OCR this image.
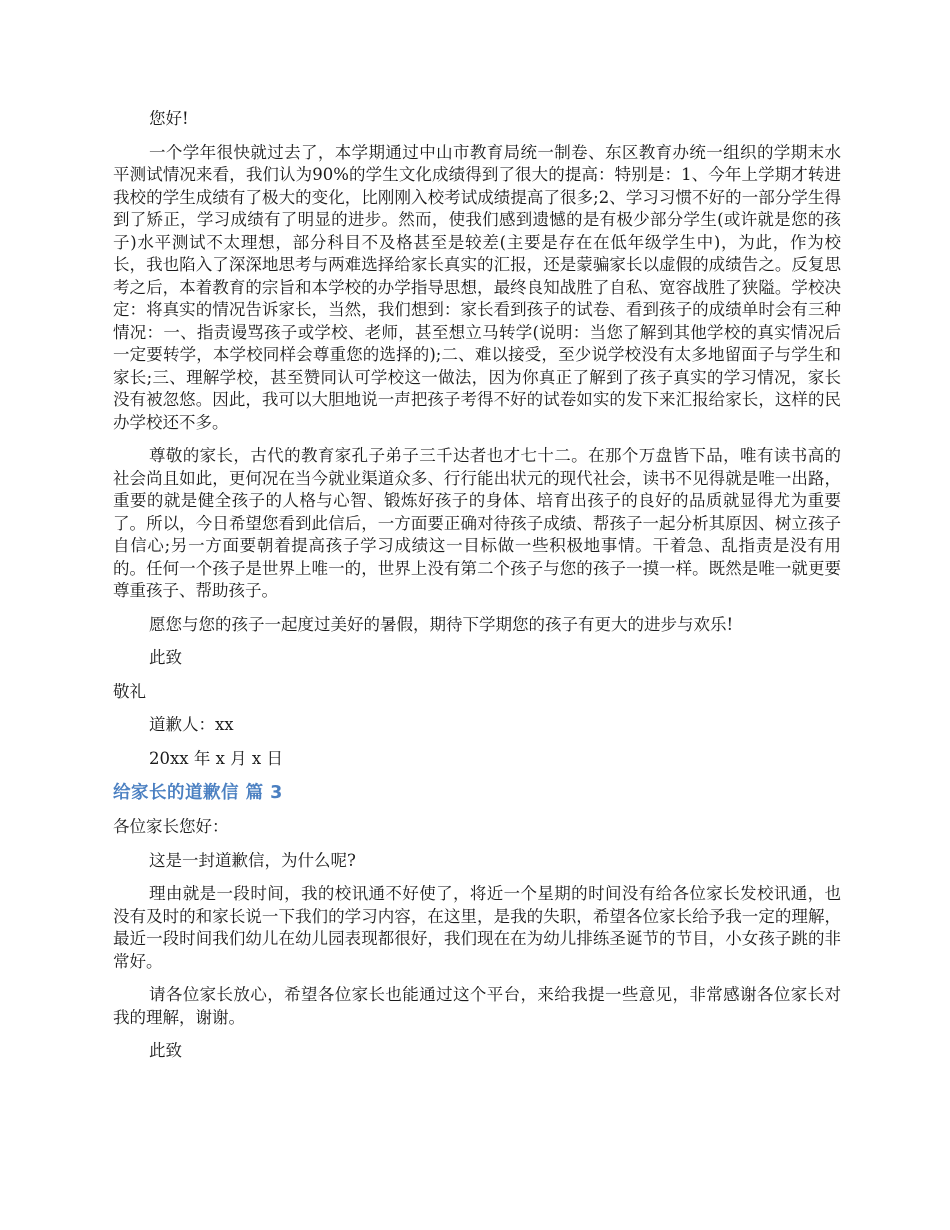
您好!

一个学年很快就过去了，本学期通过中山市教育局统一制卷、东区教育办统一组织的学期末水平测试情况来看，我们认为90%的学生文化成绩得到了很大的提高：特别是：1、今年上学期才转进我校的学生成绩有了极大的变化，比刚刚入校考试成绩提高了很多;2、学习习惯不好的一部分学生得到了矫正，学习成绩有了明显的进步。然而，使我们感到遗憾的是有极少部分学生(或许就是您的孩子)水平测试不太理想，部分科目不及格甚至是较差(主要是存在在低年级学生中)，为此，作为校长，我也陷入了深深地思考与两难选择给家长真实的汇报，还是蒙骗家长以虚假的成绩告之。反复思考之后，本着教育的宗旨和本学校的办学指导思想，最终良知战胜了自私、宽容战胜了狭隘。学校决定：将真实的情况告诉家长，当然，我们想到：家长看到孩子的试卷、看到孩子的成绩单时会有三种情况：一、指责谩骂孩子或学校、老师，甚至想立马转学(说明：当您了解到其他学校的真实情况后一定要转学，本学校同样会尊重您的选择的);二、难以接受，至少说学校没有太多地留面子与学生和家长;三、理解学校，甚至赞同认可学校这一做法，因为你真正了解到了孩子真实的学习情况，家长没有被忽悠。因此，我可以大胆地说一声把孩子考得不好的试卷如实的发下来汇报给家长，这样的民办学校还不多。

尊敬的家长，古代的教育家孔子弟子三千达者也才七十二。在那个万盘皆下品，唯有读书高的社会尚且如此，更何况在当今就业渠道众多、行行能出状元的现代社会，读书不见得就是唯一出路，重要的就是健全孩子的人格与心智、锻炼好孩子的身体、培育出孩子的良好的品质就显得尤为重要了。所以，今日希望您看到此信后，一方面要正确对待孩子成绩、帮孩子一起分析其原因、树立孩子自信心;另一方面要朝着提高孩子学习成绩这一目标做一些积极地事情。干着急、乱指责是没有用的。任何一个孩子是世界上唯一的，世界上没有第二个孩子与您的孩子一摸一样。既然是唯一就更要尊重孩子、帮助孩子。

愿您与您的孩子一起度过美好的暑假，期待下学期您的孩子有更大的进步与欢乐!

此致

敬礼

道歉人：xx

20xx 年 x 月 x 日

给家长的道歉信 篇 3

各位家长您好：

这是一封道歉信，为什么呢?

理由就是一段时间，我的校讯通不好使了，将近一个星期的时间没有给各位家长发校讯通，也没有及时的和家长说一下我们的学习内容，在这里，是我的失职，希望各位家长给予我一定的理解，最近一段时间我们幼儿在幼儿园表现都很好，我们现在在为幼儿排练圣诞节的节目，小女孩子跳的非常好。

请各位家长放心，希望各位家长也能通过这个平台，来给我提一些意见，非常感谢各位家长对我的理解，谢谢。

此致
